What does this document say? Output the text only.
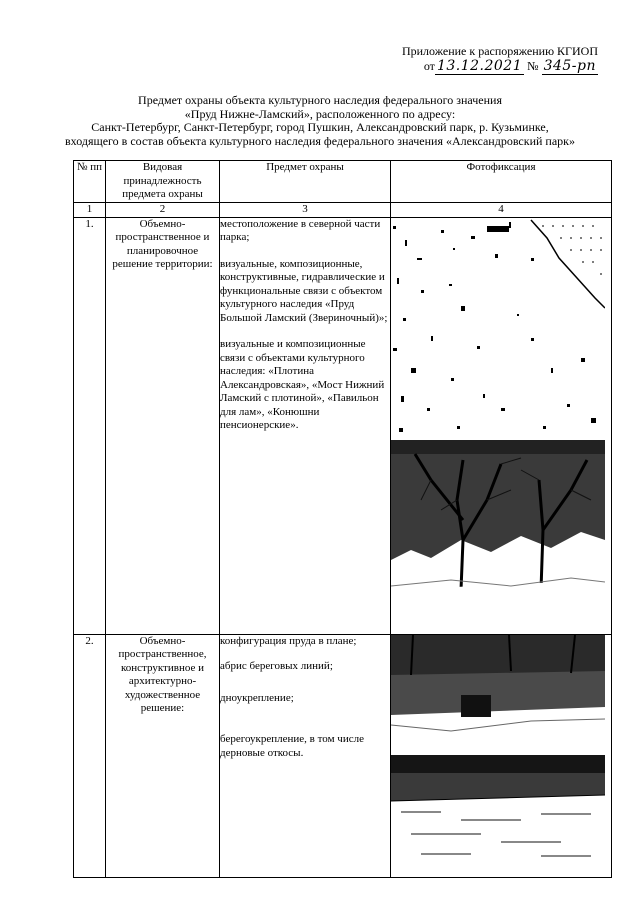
Приложение к распоряжению КГИОП
от 13.12.2021 № 345-рп
Предмет охраны объекта культурного наследия федерального значения
«Пруд Нижне-Ламский», расположенного по адресу:
Санкт-Петербург, Санкт-Петербург, город Пушкин, Александровский парк, р. Кузьминке,
входящего в состав объекта культурного наследия федерального значения «Александровский парк»
№ пп	Видовая принадлежность предмета охраны	Предмет охраны	Фотофиксация
1	2	3	4
1.	Объемно-пространственное и планировочное решение территории:	местоположение в северной части парка;
визуальные, композиционные, конструктивные, гидравлические и функциональные связи с объектом культурного наследия «Пруд Большой Ламский (Звериночный)»;
визуальные и композиционные связи с объектами культурного наследия: «Плотина Александровская», «Мост Нижний Ламский с плотиной», «Павильон для лам», «Конюшни пенсионерские».

2.	Объемно-пространственное, конструктивное и архитектурно-художественное решение:	конфигурация пруда в плане;
абрис береговых линий;
дноукрепление;
берегоукрепление, в том числе дерновые откосы.
